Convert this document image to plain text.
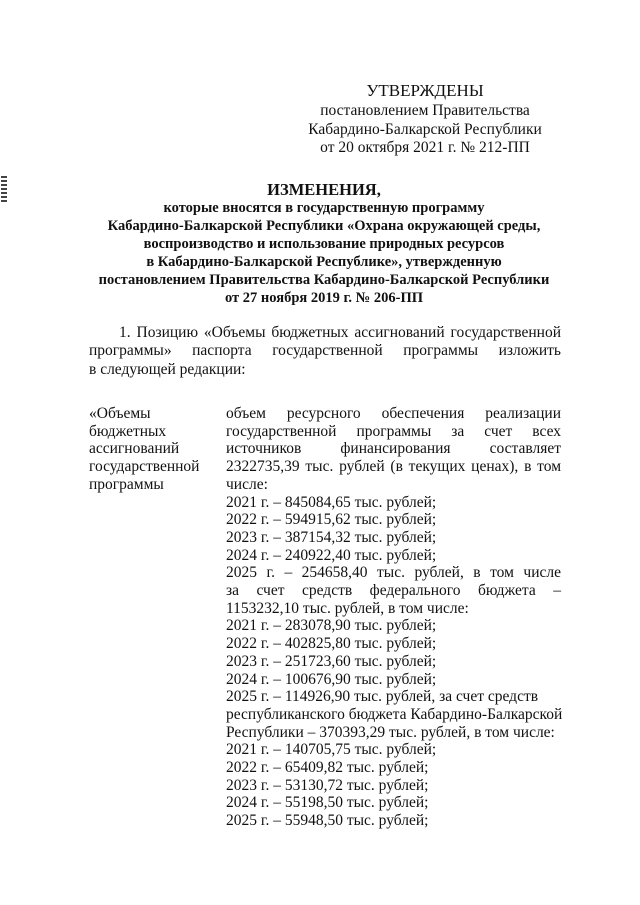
УТВЕРЖДЕНЫ
постановлением Правительства
Кабардино-Балкарской Республики
от 20 октября 2021 г. № 212-ПП
ИЗМЕНЕНИЯ,
которые вносятся в государственную программу
Кабардино-Балкарской Республики «Охрана окружающей среды,
воспроизводство и использование природных ресурсов
в Кабардино-Балкарской Республике», утвержденную
постановлением Правительства Кабардино-Балкарской Республики
от 27 ноября 2019 г. № 206-ПП
1. Позицию «Объемы бюджетных ассигнований государственной
программы» паспорта государственной программы изложить
в следующей редакции:
«Объемы
бюджетных
ассигнований
государственной
программы
объем ресурсного обеспечения реализации
государственной программы за счет всех
источников финансирования составляет
2322735,39 тыс. рублей (в текущих ценах), в том
числе:
2021 г. – 845084,65 тыс. рублей;
2022 г. – 594915,62 тыс. рублей;
2023 г. – 387154,32 тыс. рублей;
2024 г. – 240922,40 тыс. рублей;
2025 г. – 254658,40 тыс. рублей, в том числе
за счет средств федерального бюджета –
1153232,10 тыс. рублей, в том числе:
2021 г. – 283078,90 тыс. рублей;
2022 г. – 402825,80 тыс. рублей;
2023 г. – 251723,60 тыс. рублей;
2024 г. – 100676,90 тыс. рублей;
2025 г. – 114926,90 тыс. рублей, за счет средств
республиканского бюджета Кабардино-Балкарской
Республики – 370393,29 тыс. рублей, в том числе:
2021 г. – 140705,75 тыс. рублей;
2022 г. – 65409,82 тыс. рублей;
2023 г. – 53130,72 тыс. рублей;
2024 г. – 55198,50 тыс. рублей;
2025 г. – 55948,50 тыс. рублей;
